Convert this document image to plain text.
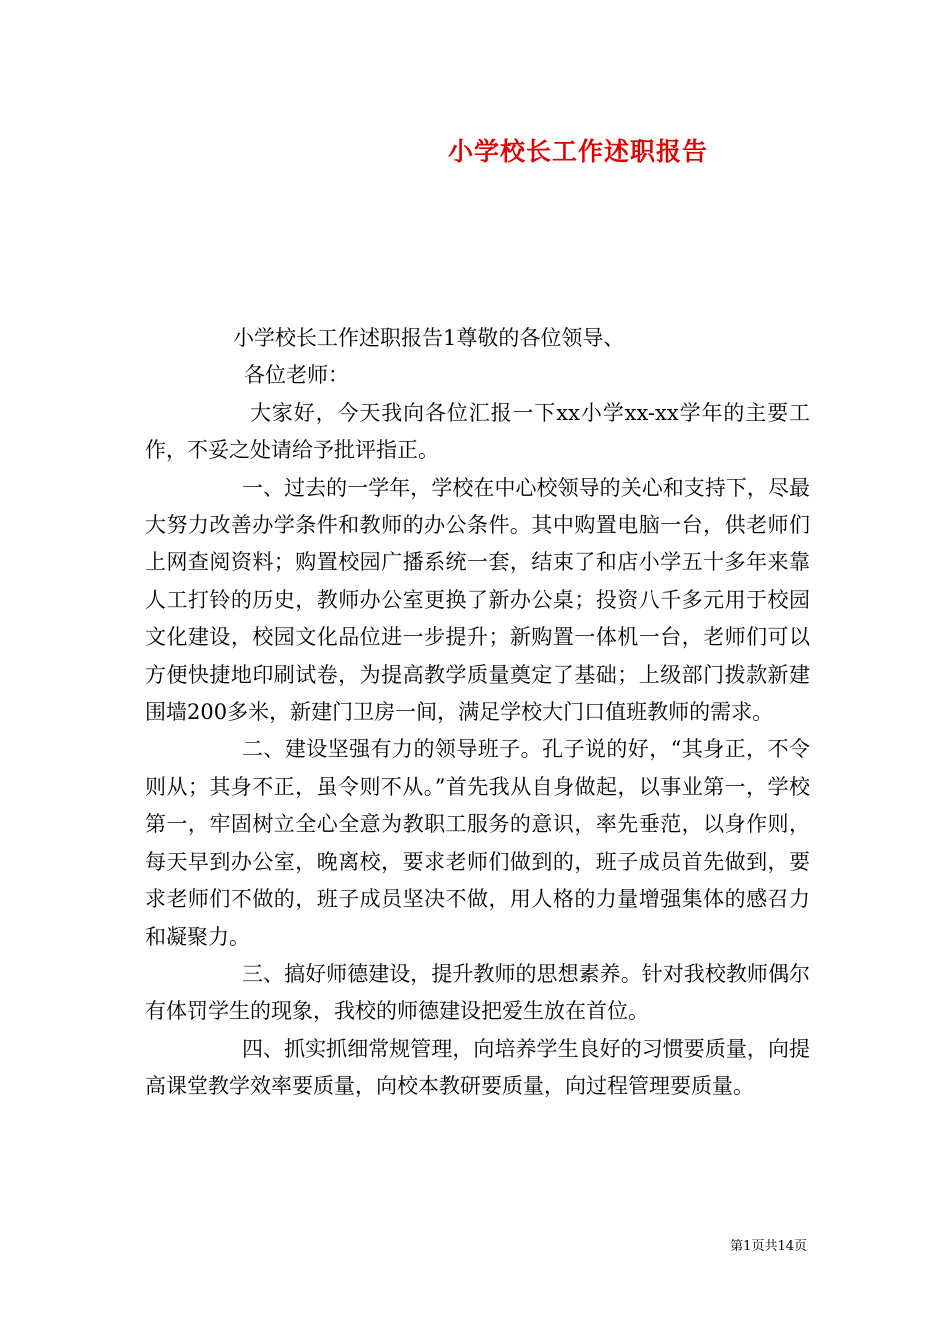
小学校长工作述职报告

小学校长工作述职报告1尊敬的各位领导、

各位老师：

大家好，今天我向各位汇报一下xx小学xx-xx学年的主要工作，不妥之处请给予批评指正。

一、过去的一学年，学校在中心校领导的关心和支持下，尽最大努力改善办学条件和教师的办公条件。其中购置电脑一台，供老师们上网查阅资料；购置校园广播系统一套，结束了和店小学五十多年来靠人工打铃的历史，教师办公室更换了新办公桌；投资八千多元用于校园文化建设，校园文化品位进一步提升；新购置一体机一台，老师们可以方便快捷地印刷试卷，为提高教学质量奠定了基础；上级部门拨款新建围墙200多米，新建门卫房一间，满足学校大门口值班教师的需求。

二、建设坚强有力的领导班子。孔子说的好，“其身正，不令则从；其身不正，虽令则不从。”首先我从自身做起，以事业第一，学校第一，牢固树立全心全意为教职工服务的意识，率先垂范，以身作则，每天早到办公室，晚离校，要求老师们做到的，班子成员首先做到，要求老师们不做的，班子成员坚决不做，用人格的力量增强集体的感召力和凝聚力。

三、搞好师德建设，提升教师的思想素养。针对我校教师偶尔有体罚学生的现象，我校的师德建设把爱生放在首位。

四、抓实抓细常规管理，向培养学生良好的习惯要质量，向提高课堂教学效率要质量，向校本教研要质量，向过程管理要质量。

第1页共14页
